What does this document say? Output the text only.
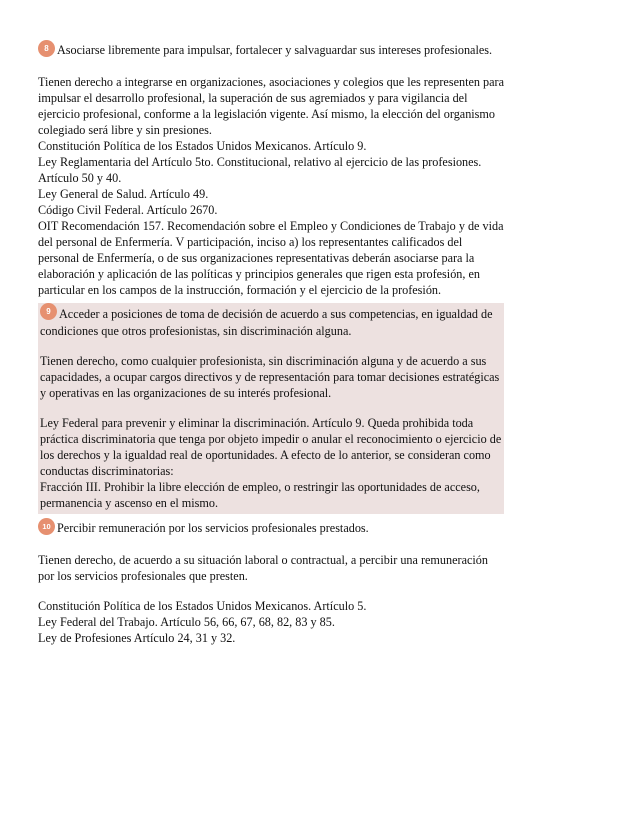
8 Asociarse libremente para impulsar, fortalecer y salvaguardar sus intereses profesionales.

Tienen derecho a integrarse en organizaciones, asociaciones y colegios que les representen para impulsar el desarrollo profesional, la superación de sus agremiados y para vigilancia del ejercicio profesional, conforme a la legislación vigente. Así mismo, la elección del organismo colegiado será libre y sin presiones.

Constitución Política de los Estados Unidos Mexicanos. Artículo 9.

Ley Reglamentaria del Artículo 5to. Constitucional, relativo al ejercicio de las profesiones. Artículo 50 y 40.

Ley General de Salud. Artículo 49.

Código Civil Federal. Artículo 2670.

OIT Recomendación 157. Recomendación sobre el Empleo y Condiciones de Trabajo y de vida del personal de Enfermería. V participación, inciso a) los representantes calificados del personal de Enfermería, o de sus organizaciones representativas deberán asociarse para la elaboración y aplicación de las políticas y principios generales que rigen esta profesión, en particular en los campos de la instrucción, formación y el ejercicio de la profesión.

9 Acceder a posiciones de toma de decisión de acuerdo a sus competencias, en igualdad de condiciones que otros profesionistas, sin discriminación alguna.

Tienen derecho, como cualquier profesionista, sin discriminación alguna y de acuerdo a sus capacidades, a ocupar cargos directivos y de representación para tomar decisiones estratégicas y operativas en las organizaciones de su interés profesional.

Ley Federal para prevenir y eliminar la discriminación. Artículo 9. Queda prohibida toda práctica discriminatoria que tenga por objeto impedir o anular el reconocimiento o ejercicio de los derechos y la igualdad real de oportunidades. A efecto de lo anterior, se consideran como conductas discriminatorias:

Fracción III. Prohibir la libre elección de empleo, o restringir las oportunidades de acceso, permanencia y ascenso en el mismo.

10 Percibir remuneración por los servicios profesionales prestados.

Tienen derecho, de acuerdo a su situación laboral o contractual, a percibir una remuneración por los servicios profesionales que presten.

Constitución Política de los Estados Unidos Mexicanos. Artículo 5.

Ley Federal del Trabajo. Artículo 56, 66, 67, 68, 82, 83 y 85.

Ley de Profesiones Artículo 24, 31 y 32.
